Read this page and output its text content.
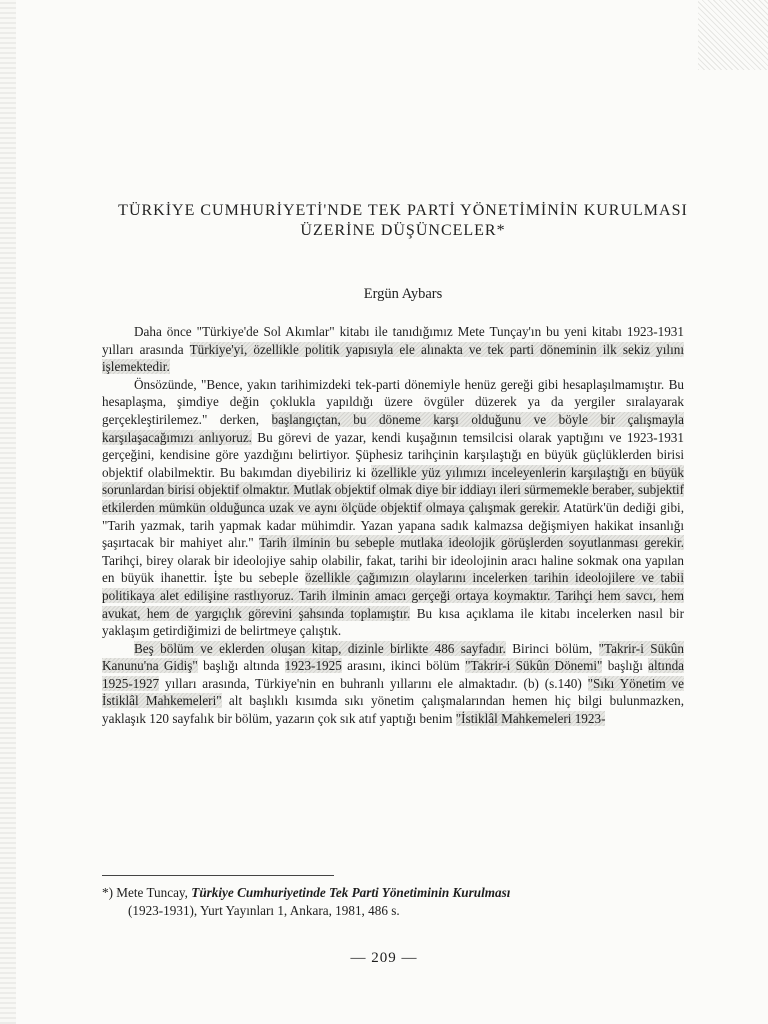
TÜRKİYE CUMHURİYETİ'NDE TEK PARTİ YÖNETİMİNİN KURULMASI
ÜZERİNE DÜŞÜNCELER*
Ergün Aybars

Daha önce "Türkiye'de Sol Akımlar" kitabı ile tanıdığımız Mete Tunçay'ın bu yeni kitabı 1923-1931 yılları arasında Türkiye'yi, özellikle politik yapısıyla ele alınakta ve tek parti döneminin ilk sekiz yılını işlemektedir.

Önsözünde, "Bence, yakın tarihimizdeki tek-parti dönemiyle henüz gereği gibi hesaplaşılmamıştır. Bu hesaplaşma, şimdiye değin çoklukla yapıldığı üzere övgüler düzerek ya da yergiler sıralayarak gerçekleştirilemez." derken, başlangıçtan, bu döneme karşı olduğunu ve böyle bir çalışmayla karşılaşacağımızı anlıyoruz. Bu görevi de yazar, kendi kuşağının temsilcisi olarak yaptığını ve 1923-1931 gerçeğini, kendisine göre yazdığını belirtiyor. Şüphesiz tarihçinin karşılaştığı en büyük güçlüklerden birisi objektif olabilmektir. Bu bakımdan diyebiliriz ki özellikle yüz yılımızı inceleyenlerin karşılaştığı en büyük sorunlardan birisi objektif olmaktır. Mutlak objektif olmak diye bir iddiayı ileri sürmemekle beraber, subjektif etkilerden mümkün olduğunca uzak ve aynı ölçüde objektif olmaya çalışmak gerekir. Atatürk'ün dediği gibi, "Tarih yazmak, tarih yapmak kadar mühimdir. Yazan yapana sadık kalmazsa değişmiyen hakikat insanlığı şaşırtacak bir mahiyet alır." Tarih ilminin bu sebeple mutlaka ideolojik görüşlerden soyutlanması gerekir. Tarihçi, birey olarak bir ideolojiye sahip olabilir, fakat, tarihi bir ideolojinin aracı haline sokmak ona yapılan en büyük ihanettir. İşte bu sebeple özellikle çağımızın olaylarını incelerken tarihin ideolojilere ve tabii politikaya alet edilişine rastlıyoruz. Tarih ilminin amacı gerçeği ortaya koymaktır. Tarihçi hem savcı, hem avukat, hem de yargıçlık görevini şahsında toplamıştır. Bu kısa açıklama ile kitabı incelerken nasıl bir yaklaşım getirdiğimizi de belirtmeye çalıştık.

Beş bölüm ve eklerden oluşan kitap, dizinle birlikte 486 sayfadır. Birinci bölüm, "Takrir-i Sükûn Kanunu'na Gidiş" başlığı altında 1923-1925 arasını, ikinci bölüm "Takrir-i Sükûn Dönemi" başlığı altında 1925-1927 yılları arasında, Türkiye'nin en buhranlı yıllarını ele almaktadır. (b) (s.140) "Sıkı Yönetim ve İstiklâl Mahkemeleri" alt başlıklı kısımda sıkı yönetim çalışmalarından hemen hiç bilgi bulunmazken, yaklaşık 120 sayfalık bir bölüm, yazarın çok sık atıf yaptığı benim "İstiklâl Mahkemeleri 1923-

*) Mete Tuncay, Türkiye Cumhuriyetinde Tek Parti Yönetiminin Kurulması
(1923-1931), Yurt Yayınları 1, Ankara, 1981, 486 s.
— 209 —
